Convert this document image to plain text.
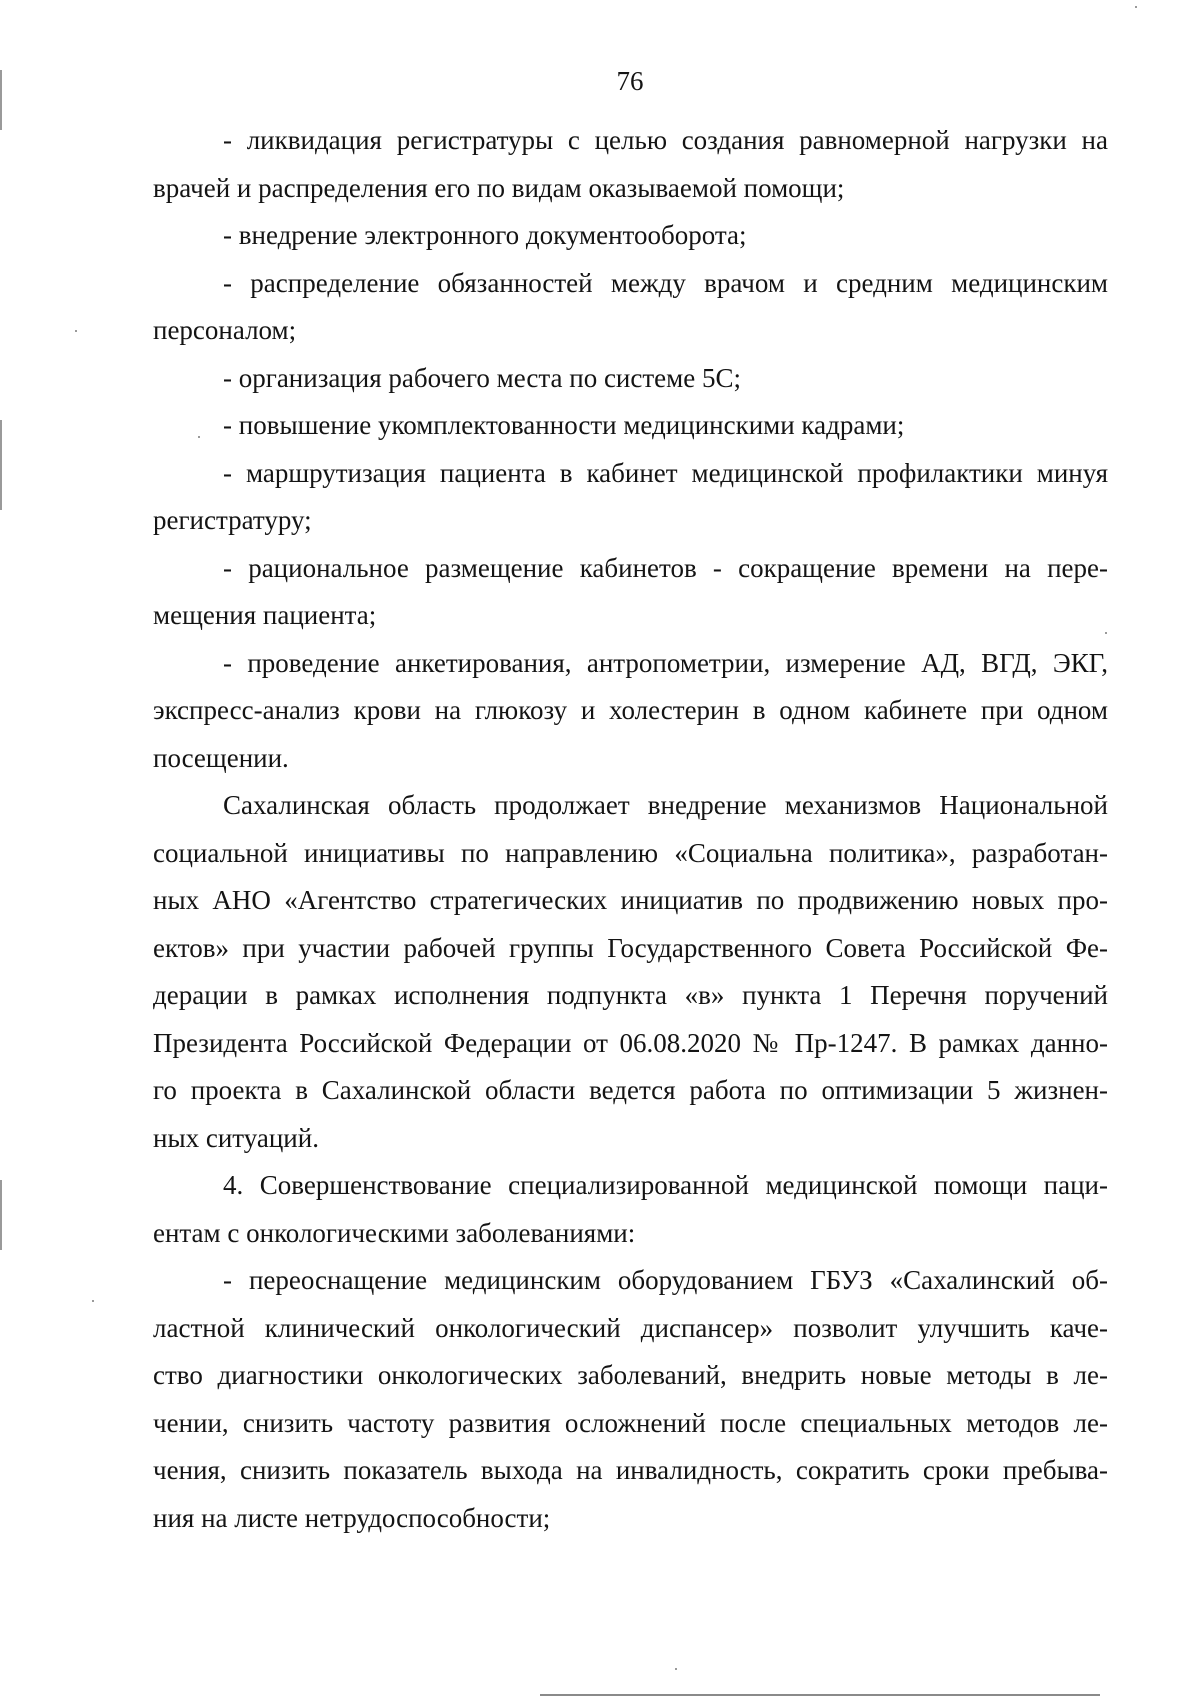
76
- ликвидация регистратуры с целью создания равномерной нагрузки на
врачей и распределения его по видам оказываемой помощи;
- внедрение электронного документооборота;
- распределение обязанностей между врачом и средним медицинским
персоналом;
- организация рабочего места по системе 5С;
- повышение укомплектованности медицинскими кадрами;
- маршрутизация пациента в кабинет медицинской профилактики минуя
регистратуру;
- рациональное размещение кабинетов - сокращение времени на пере-
мещения пациента;
- проведение анкетирования, антропометрии, измерение АД, ВГД, ЭКГ,
экспресс-анализ крови на глюкозу и холестерин в одном кабинете при одном
посещении.
Сахалинская область продолжает внедрение механизмов Национальной
социальной инициативы по направлению «Социальна политика», разработан-
ных АНО «Агентство стратегических инициатив по продвижению новых про-
ектов» при участии рабочей группы Государственного Совета Российской Фе-
дерации в рамках исполнения подпункта «в» пункта 1 Перечня поручений
Президента Российской Федерации от 06.08.2020 № Пр-1247. В рамках данно-
го проекта в Сахалинской области ведется работа по оптимизации 5 жизнен-
ных ситуаций.
4. Совершенствование специализированной медицинской помощи паци-
ентам с онкологическими заболеваниями:
- переоснащение медицинским оборудованием ГБУЗ «Сахалинский об-
ластной клинический онкологический диспансер» позволит улучшить каче-
ство диагностики онкологических заболеваний, внедрить новые методы в ле-
чении, снизить частоту развития осложнений после специальных методов ле-
чения, снизить показатель выхода на инвалидность, сократить сроки пребыва-
ния на листе нетрудоспособности;
